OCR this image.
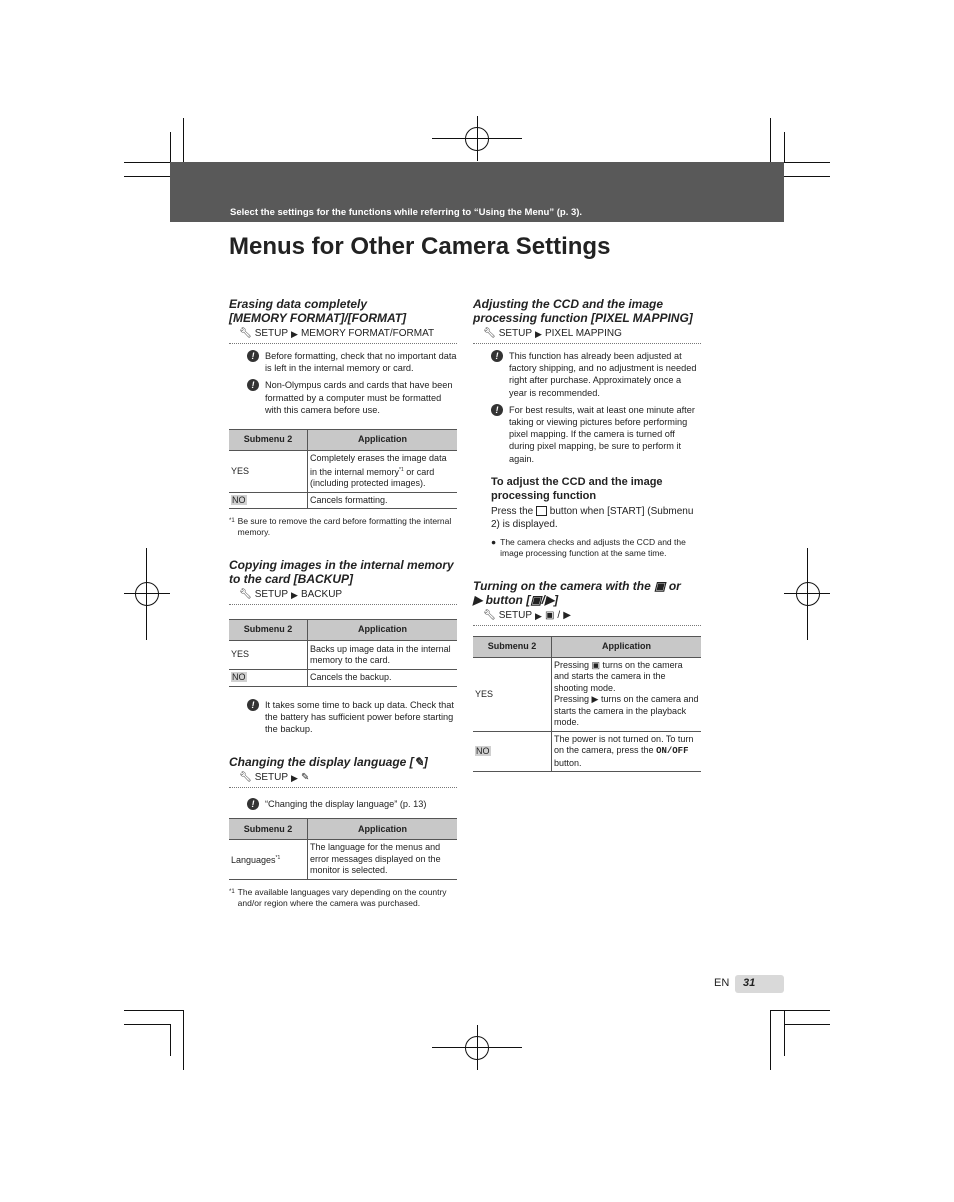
Select the settings for the functions while referring to “Using the Menu” (p. 3).
Menus for Other Camera Settings
Erasing data completely
[MEMORY FORMAT]/[FORMAT]
🔧︎ SETUP ▶ MEMORY FORMAT/FORMAT
!	Before formatting, check that no important data is left in the internal memory or card.
!	Non-Olympus cards and cards that have been formatted by a computer must be formatted with this camera before use.
Submenu 2	Application
YES	Completely erases the image data in the internal memory$^{*1}$ or card (including protected images).
NO	Cancels formatting.
*1 Be sure to remove the card before formatting the internal memory.
Copying images in the internal memory
to the card [BACKUP]
🔧︎ SETUP ▶ BACKUP
Submenu 2	Application
YES	Backs up image data in the internal memory to the card.
NO	Cancels the backup.
!	It takes some time to back up data. Check that the battery has sufficient power before starting the backup.
Changing the display language [✎]
🔧︎ SETUP ▶ ✎
!	“Changing the display language” (p. 13)
Submenu 2	Application
Languages$^{*1}$	The language for the menus and error messages displayed on the monitor is selected.
*1 The available languages vary depending on the country and/or region where the camera was purchased.
Adjusting the CCD and the image
processing function [PIXEL MAPPING]
🔧︎ SETUP ▶ PIXEL MAPPING
!	This function has already been adjusted at factory shipping, and no adjustment is needed right after purchase. Approximately once a year is recommended.
!	For best results, wait at least one minute after taking or viewing pictures before performing pixel mapping. If the camera is turned off during pixel mapping, be sure to perform it again.
To adjust the CCD and the image
processing function
Press the  button when [START] (Submenu 2) is displayed.
● The camera checks and adjusts the CCD and the image processing function at the same time.
Turning on the camera with the ▣ or
▶ button [▣/▶]
🔧︎ SETUP ▶ ▣ / ▶
Submenu 2	Application
YES	Pressing ▣ turns on the camera and starts the camera in the shooting mode.
Pressing ▶ turns on the camera and starts the camera in the playback mode.
NO	The power is not turned on. To turn on the camera, press the ON/OFF button.
EN 31
